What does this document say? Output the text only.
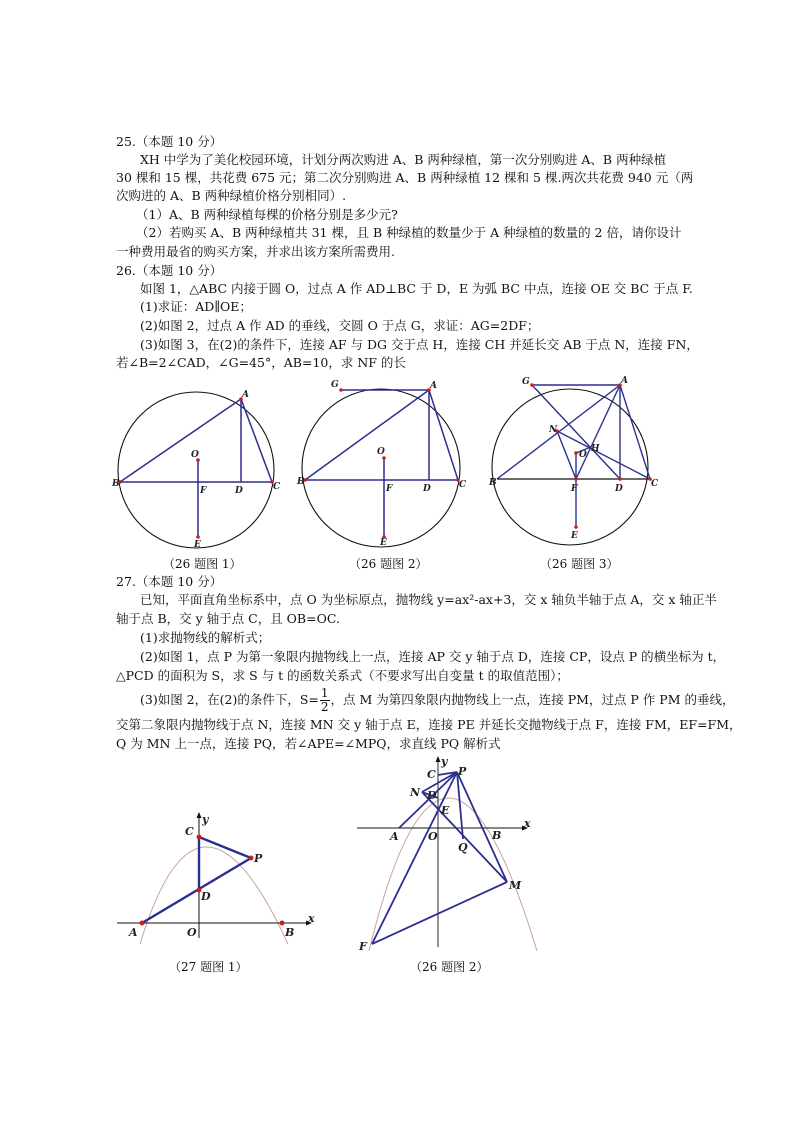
25.（本题 10 分）
XH 中学为了美化校园环境，计划分两次购进 A、B 两种绿植，第一次分别购进 A、B 两种绿植
30 棵和 15 棵，共花费 675 元；第二次分别购进 A、B 两种绿植 12 棵和 5 棵.两次共花费 940 元（两
次购进的 A、B 两种绿植价格分别相同）.
（1）A、B 两种绿植每棵的价格分别是多少元?
（2）若购买 A、B 两种绿植共 31 棵，且 B 种绿植的数量少于 A 种绿植的数量的 2 倍，请你设计
一种费用最省的购买方案，并求出该方案所需费用.
26.（本题 10 分）
如图 1，△ABC 内接于圆 O，过点 A 作 AD⊥BC 于 D，E 为弧 BC 中点，连接 OE 交 BC 于点 F.
(1)求证：AD∥OE；
(2)如图 2，过点 A 作 AD 的垂线，交圆 O 于点 G，求证：AG=2DF；
(3)如图 3，在(2)的条件下，连接 AF 与 DG 交于点 H，连接 CH 并延长交 AB 于点 N，连接 FN，
若∠B=2∠CAD，∠G=45°，AB=10，求 NF 的长
A
B	C
D
F
O
E
（26 题图 1）
A
G
B	C
D
F
O
E
（26 题图 2）
A
G
B	C
D
F
O
H
N
E
（26 题图 3）
27.（本题 10 分）
已知，平面直角坐标系中，点 O 为坐标原点，抛物线 y=ax²-ax+3，交 x 轴负半轴于点 A，交 x 轴正半
轴于点 B，交 y 轴于点 C，且 OB=OC.
(1)求抛物线的解析式；
(2)如图 1，点 P 为第一象限内抛物线上一点，连接 AP 交 y 轴于点 D，连接 CP，设点 P 的横坐标为 t，
△PCD 的面积为 S，求 S 与 t 的函数关系式（不要求写出自变量 t 的取值范围）；
(3)如图 2，在(2)的条件下，$S= \frac{1}{2}$ ，点 M 为第四象限内抛物线上一点，连接 PM，过点 P 作 PM 的垂线，
交第二象限内抛物线于点 N，连接 MN 交 y 轴于点 E，连接 PE 并延长交抛物线于点 F，连接 FM，EF=FM，
Q 为 MN 上一点，连接 PQ，若∠APE=∠MPQ，求直线 PQ 解析式
A	B
C
D
P
O
x
y
（27 题图 1）
C P
N D
E
A	O	B
Q
M
F
x
y
（26 题图 2）
